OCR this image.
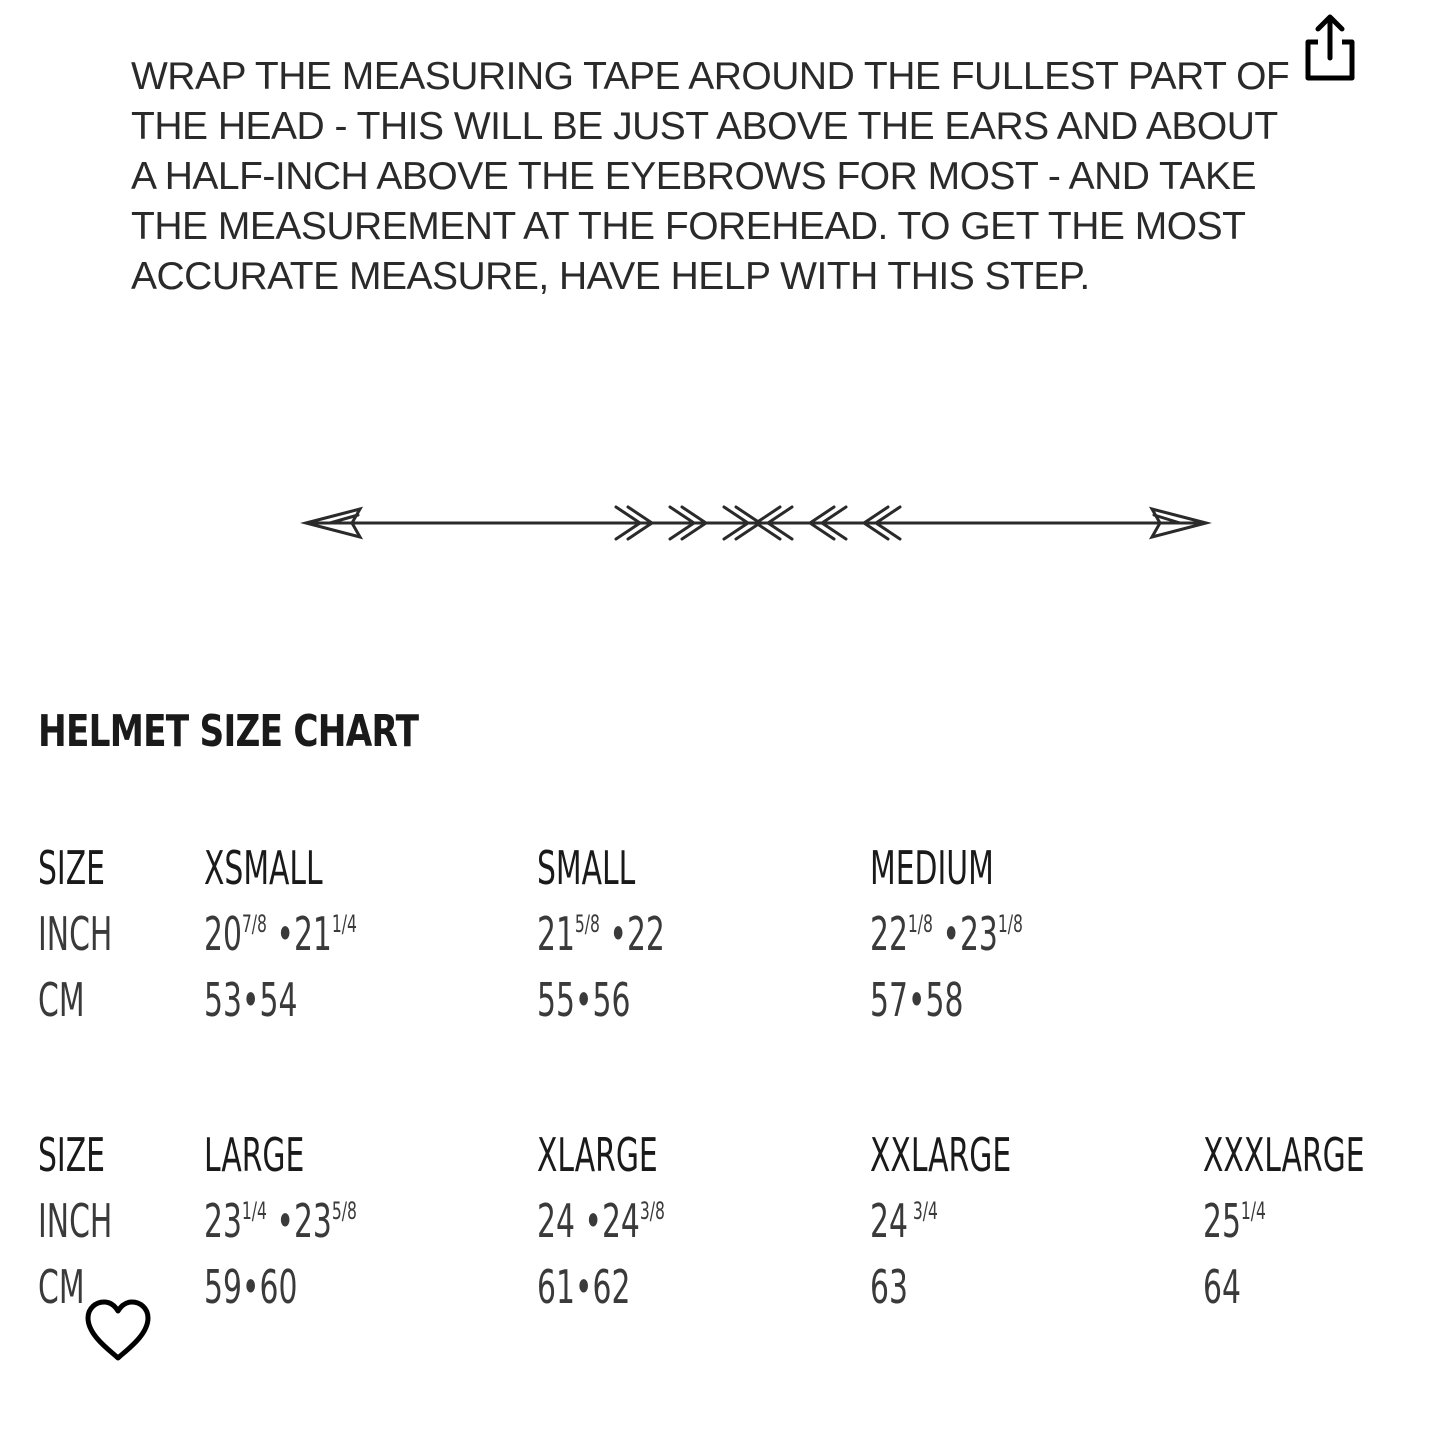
WRAP THE MEASURING TAPE AROUND THE FULLEST PART OF
THE HEAD - THIS WILL BE JUST ABOVE THE EARS AND ABOUT
A HALF-INCH ABOVE THE EYEBROWS FOR MOST - AND TAKE
THE MEASUREMENT AT THE FOREHEAD. TO GET THE MOST
ACCURATE MEASURE, HAVE HELP WITH THIS STEP.
HELMET SIZE CHART
SIZE XSMALL	SMALL	MEDIUM
INCH $20^{7/8}$ $•21^{1/4}$	$21^{5/8}$ •22	$22^{1/8}$ $•23^{1/8}$
CM	53•54	55•56	57•58
SIZE LARGE	XLARGE	XXLARGE	XXXLARGE
INCH $23^{1/4}$ $•23^{5/8}$	24 $•24^{3/8}$	24 $^{3/4}$	$25^{1/4}$
CM	59•60	61•62	63	64
